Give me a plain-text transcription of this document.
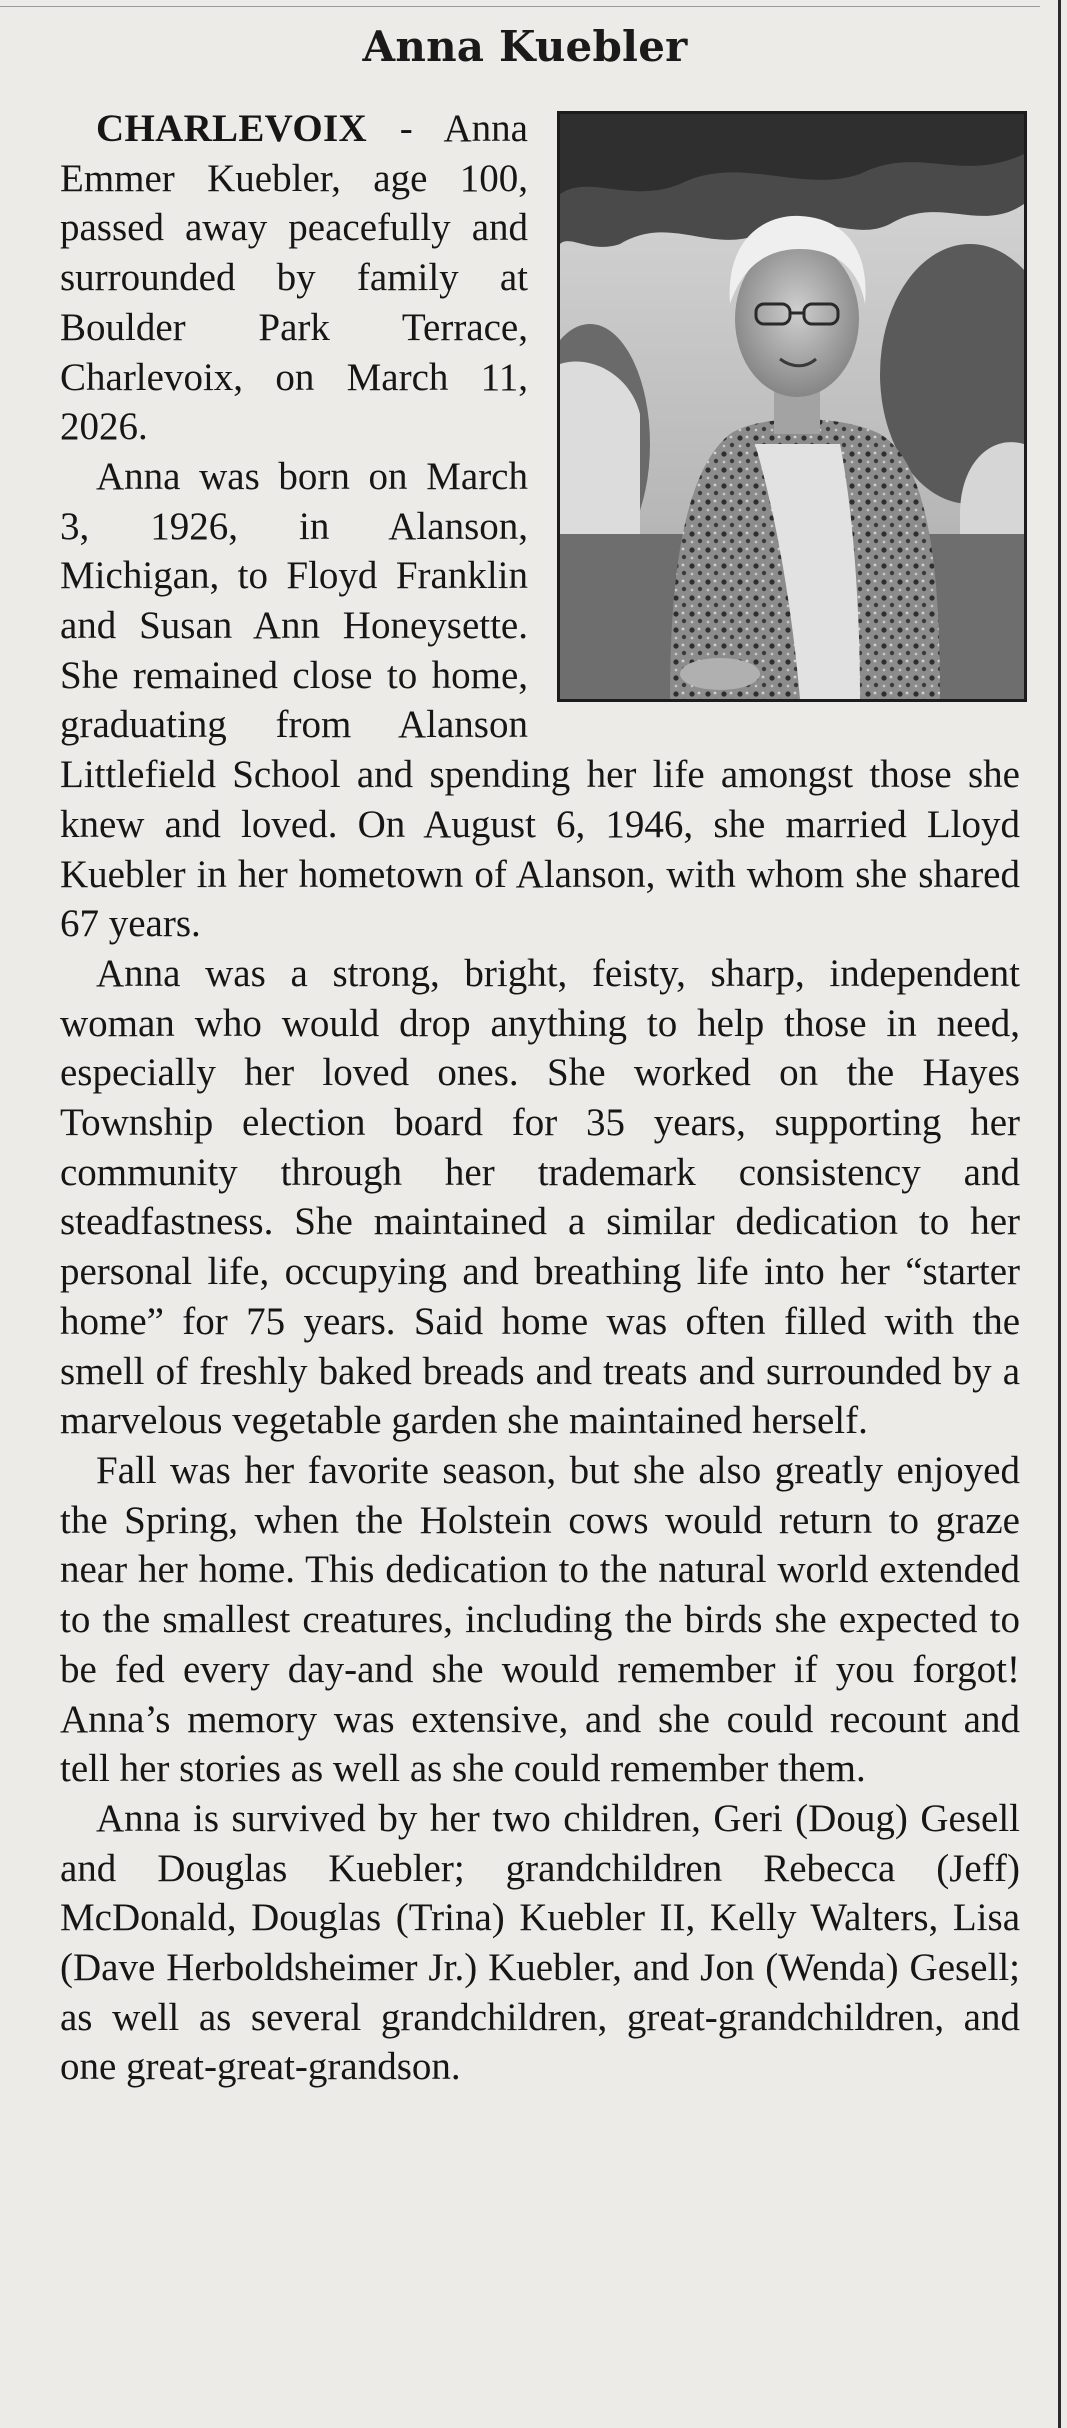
Anna Kuebler

CHARLEVOIX - Anna Emmer Kuebler, age 100, passed away peacefully and surrounded by family at Boulder Park Terrace, Charlevoix, on March 11, 2026.

Anna was born on March 3, 1926, in Alanson, Michigan, to Floyd Franklin and Susan Ann Honeysette. She remained close to home, graduating from Alanson Littlefield School and spending her life amongst those she knew and loved. On August 6, 1946, she married Lloyd Kuebler in her hometown of Alanson, with whom she shared 67 years.

Anna was a strong, bright, feisty, sharp, independent woman who would drop anything to help those in need, especially her loved ones. She worked on the Hayes Township election board for 35 years, supporting her community through her trademark consistency and steadfastness. She maintained a similar dedication to her personal life, occupying and breathing life into her “starter home” for 75 years. Said home was often filled with the smell of freshly baked breads and treats and surrounded by a marvelous vegetable garden she maintained herself.

Fall was her favorite season, but she also greatly enjoyed the Spring, when the Holstein cows would return to graze near her home. This dedication to the natural world extended to the smallest creatures, including the birds she expected to be fed every day-and she would remember if you forgot! Anna’s memory was extensive, and she could recount and tell her stories as well as she could remember them.

Anna is survived by her two children, Geri (Doug) Gesell and Douglas Kuebler; grandchildren Rebecca (Jeff) McDonald, Douglas (Trina) Kuebler II, Kelly Walters, Lisa (Dave Herboldsheimer Jr.) Kuebler, and Jon (Wenda) Gesell; as well as several grandchildren, great-grandchildren, and one great-great-grandson.
